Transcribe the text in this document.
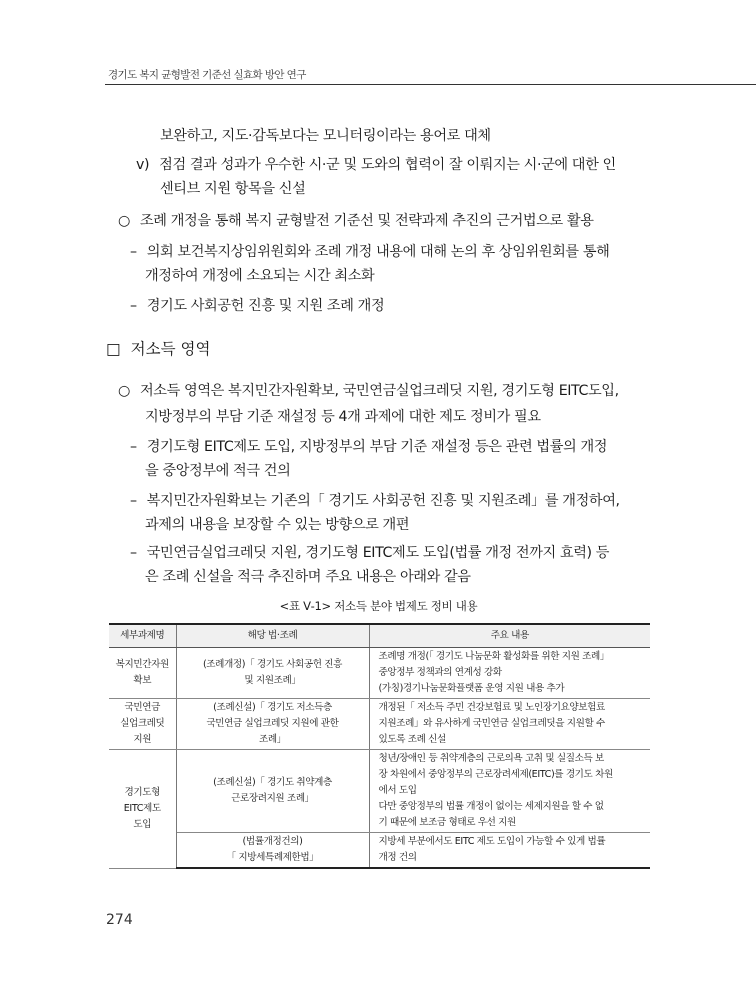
경기도 복지 균형발전 기준선 실효화 방안 연구
보완하고, 지도·감독보다는 모니터링이라는 용어로 대체
v) 점검 결과 성과가 우수한 시·군 및 도와의 협력이 잘 이뤄지는 시·군에 대한 인
센티브 지원 항목을 신설
○ 조례 개정을 통해 복지 균형발전 기준선 및 전략과제 추진의 근거법으로 활용
– 의회 보건복지상임위원회와 조례 개정 내용에 대해 논의 후 상임위원회를 통해
개정하여 개정에 소요되는 시간 최소화
– 경기도 사회공헌 진흥 및 지원 조례 개정
□ 저소득 영역
○ 저소득 영역은 복지민간자원확보, 국민연금실업크레딧 지원, 경기도형 EITC도입,
지방정부의 부담 기준 재설정 등 4개 과제에 대한 제도 정비가 필요
– 경기도형 EITC제도 도입, 지방정부의 부담 기준 재설정 등은 관련 법률의 개정
을 중앙정부에 적극 건의
– 복지민간자원확보는 기존의「 경기도 사회공헌 진흥 및 지원조례」를 개정하여,
과제의 내용을 보장할 수 있는 방향으로 개편
– 국민연금실업크레딧 지원, 경기도형 EITC제도 도입(법률 개정 전까지 효력) 등
은 조례 신설을 적극 추진하며 주요 내용은 아래와 같음
<표 Ⅴ-1> 저소득 분야 법제도 정비 내용
세부과제명	해당 법·조례	주요 내용

복지민간자원
확보	(조례개정)「 경기도 사회공헌 진흥
및 지원조례」	조례명 개정(「 경기도 나눔문화 활성화를 위한 지원 조례」
중앙정부 정책과의 연계성 강화
(가칭)경기나눔문화플랫폼 운영 지원 내용 추가

국민연금
실업크레딧
지원	(조례신설)「 경기도 저소득층
국민연금 실업크레딧 지원에 관한
조례」	개정된「 저소득 주민 건강보험료 및 노인장기요양보험료
지원조례」와 유사하게 국민연금 실업크레딧을 지원할 수
있도록 조례 신설

경기도형
EITC제도
도입	(조례신설)「 경기도 취약계층
근로장려지원 조례」	청년/장애인 등 취약계층의 근로의욕 고취 및 실질소득 보
장 차원에서 중앙정부의 근로장려세제(EITC)를 경기도 차원
에서 도입
다만 중앙정부의 법률 개정이 없이는 세제지원을 할 수 없
기 때문에 보조금 형태로 우선 지원

	(법률개정건의)
「 지방세특례제한법」	지방세 부분에서도 EITC 제도 도입이 가능할 수 있게 법률
개정 건의
274
